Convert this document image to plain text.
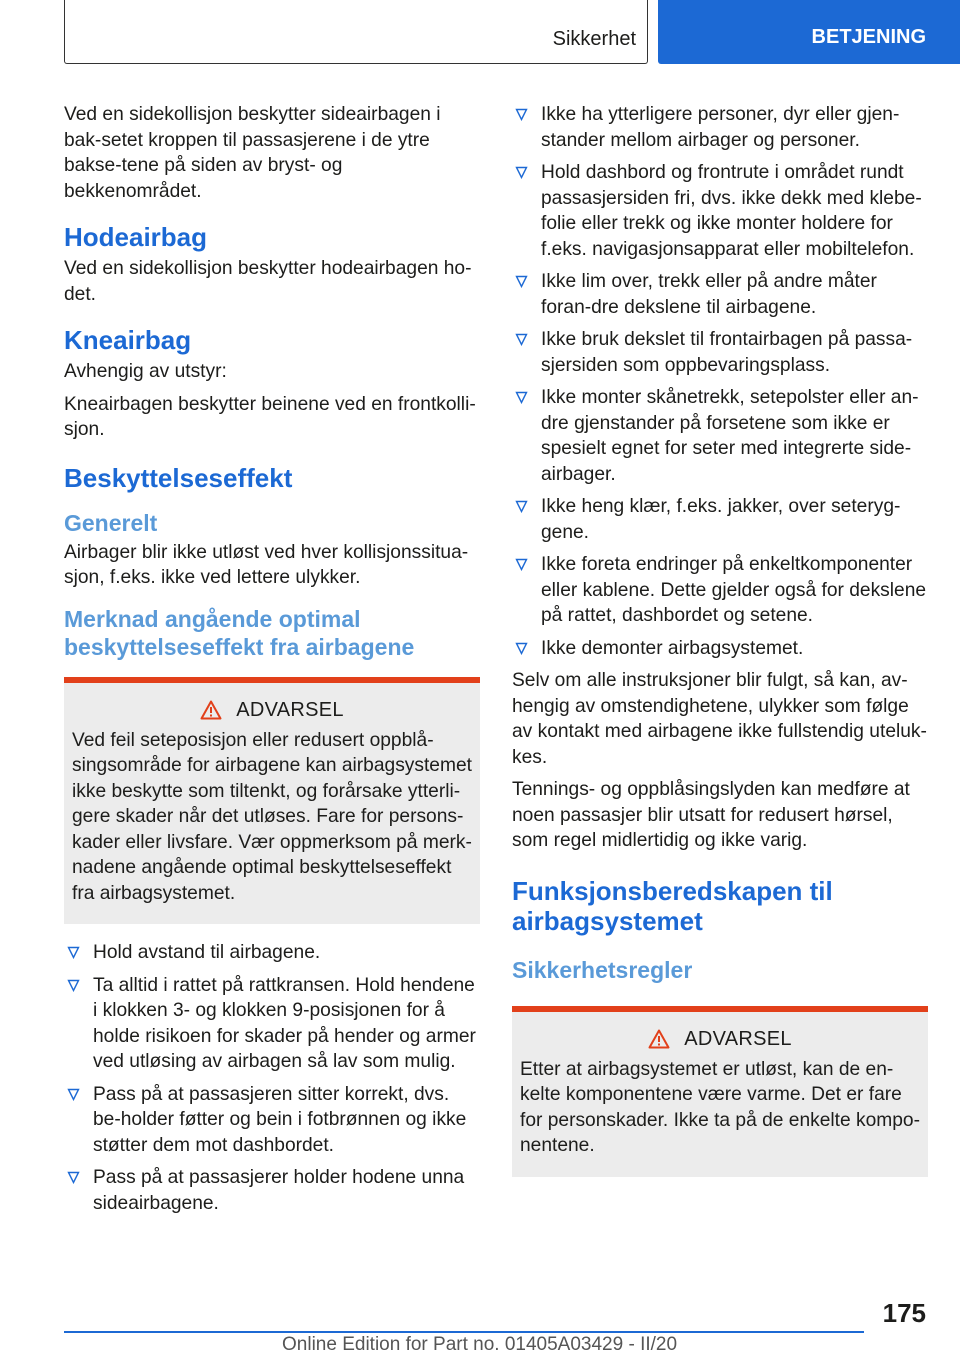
Sikkerhet	BETJENING

Ved en sidekollisjon beskytter sideairbagen i bak-setet kroppen til passasjerene i de ytre bakse-tene på siden av bryst- og bekkenområdet.

Hodeairbag

Ved en sidekollisjon beskytter hodeairbagen ho-det.

Kneairbag

Avhengig av utstyr:

Kneairbagen beskytter beinene ved en frontkolli-sjon.

Beskyttelseseffekt
Generelt

Airbager blir ikke utløst ved hver kollisjonssitua-sjon, f.eks. ikke ved lettere ulykker.

Merknad angående optimal beskyttelseseffekt fra airbagene
ADVARSEL

Ved feil seteposisjon eller redusert oppblå-singsområde for airbagene kan airbagsystemet ikke beskytte som tiltenkt, og forårsake ytterli-gere skader når det utløses. Fare for persons-kader eller livsfare. Vær oppmerksom på merk-nadene angående optimal beskyttelseseffekt fra airbagsystemet.

Hold avstand til airbagene.
Ta alltid i rattet på rattkransen. Hold hendene i klokken 3- og klokken 9-posisjonen for å holde risikoen for skader på hender og armer ved utløsing av airbagen så lav som mulig.
Pass på at passasjeren sitter korrekt, dvs. be-holder føtter og bein i fotbrønnen og ikke støtter dem mot dashbordet.
Pass på at passasjerer holder hodene unna sideairbagene.
Ikke ha ytterligere personer, dyr eller gjen-stander mellom airbager og personer.
Hold dashbord og frontrute i området rundt passasjersiden fri, dvs. ikke dekk med klebe-folie eller trekk og ikke monter holdere for f.eks. navigasjonsapparat eller mobiltelefon.
Ikke lim over, trekk eller på andre måter foran-dre dekslene til airbagene.
Ikke bruk dekslet til frontairbagen på passa-sjersiden som oppbevaringsplass.
Ikke monter skånetrekk, setepolster eller an-dre gjenstander på forsetene som ikke er spesielt egnet for seter med integrerte side-airbager.
Ikke heng klær, f.eks. jakker, over seteryg-gene.
Ikke foreta endringer på enkeltkomponenter eller kablene. Dette gjelder også for dekslene på rattet, dashbordet og setene.
Ikke demonter airbagsystemet.

Selv om alle instruksjoner blir fulgt, så kan, av-hengig av omstendighetene, ulykker som følge av kontakt med airbagene ikke fullstendig uteluk-kes.

Tennings- og oppblåsingslyden kan medføre at noen passasjer blir utsatt for redusert hørsel, som regel midlertidig og ikke varig.

Funksjonsberedskapen til airbagsystemet
Sikkerhetsregler
ADVARSEL

Etter at airbagsystemet er utløst, kan de en-kelte komponentene være varme. Det er fare for personskader. Ikke ta på de enkelte kompo-nentene.

175
Online Edition for Part no. 01405A03429 - II/20
